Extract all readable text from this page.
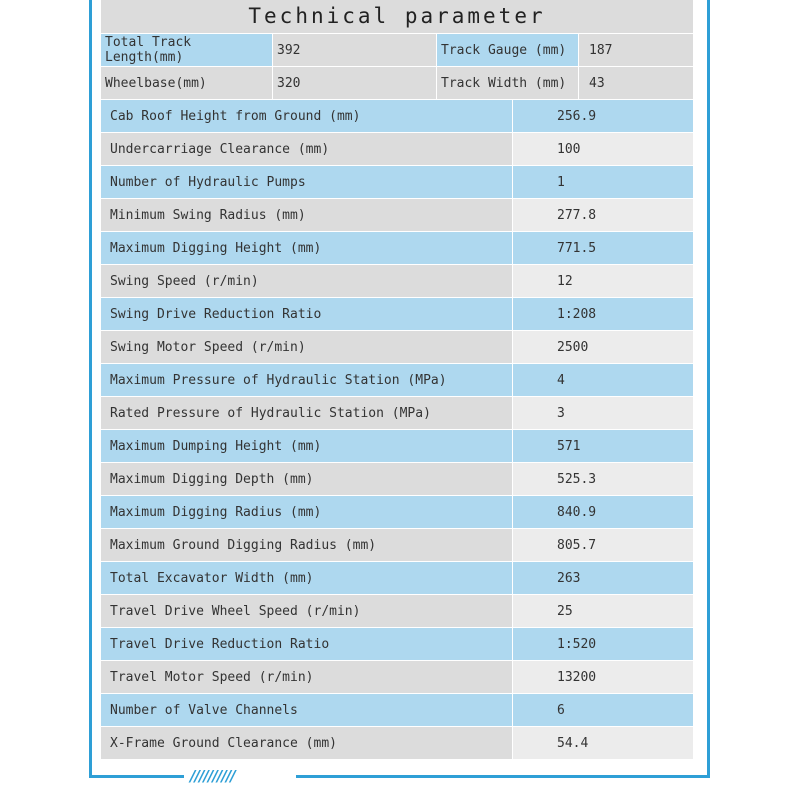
//////////
Technical parameter
Total Track Length(mm)	392	Track Gauge (mm)	187
Wheelbase(mm)	320	Track Width (mm)	43
Cab Roof Height from Ground (mm)	256.9
Undercarriage Clearance (mm)	100
Number of Hydraulic Pumps	1
Minimum Swing Radius (mm)	277.8
Maximum Digging Height (mm)	771.5
Swing Speed (r/min)	12
Swing Drive Reduction Ratio	1:208
Swing Motor Speed (r/min)	2500
Maximum Pressure of Hydraulic Station (MPa)	4
Rated Pressure of Hydraulic Station (MPa)	3
Maximum Dumping Height (mm)	571
Maximum Digging Depth (mm)	525.3
Maximum Digging Radius (mm)	840.9
Maximum Ground Digging Radius (mm)	805.7
Total Excavator Width (mm)	263
Travel Drive Wheel Speed (r/min)	25
Travel Drive Reduction Ratio	1:520
Travel Motor Speed (r/min)	13200
Number of Valve Channels	6
X-Frame Ground Clearance (mm)	54.4
